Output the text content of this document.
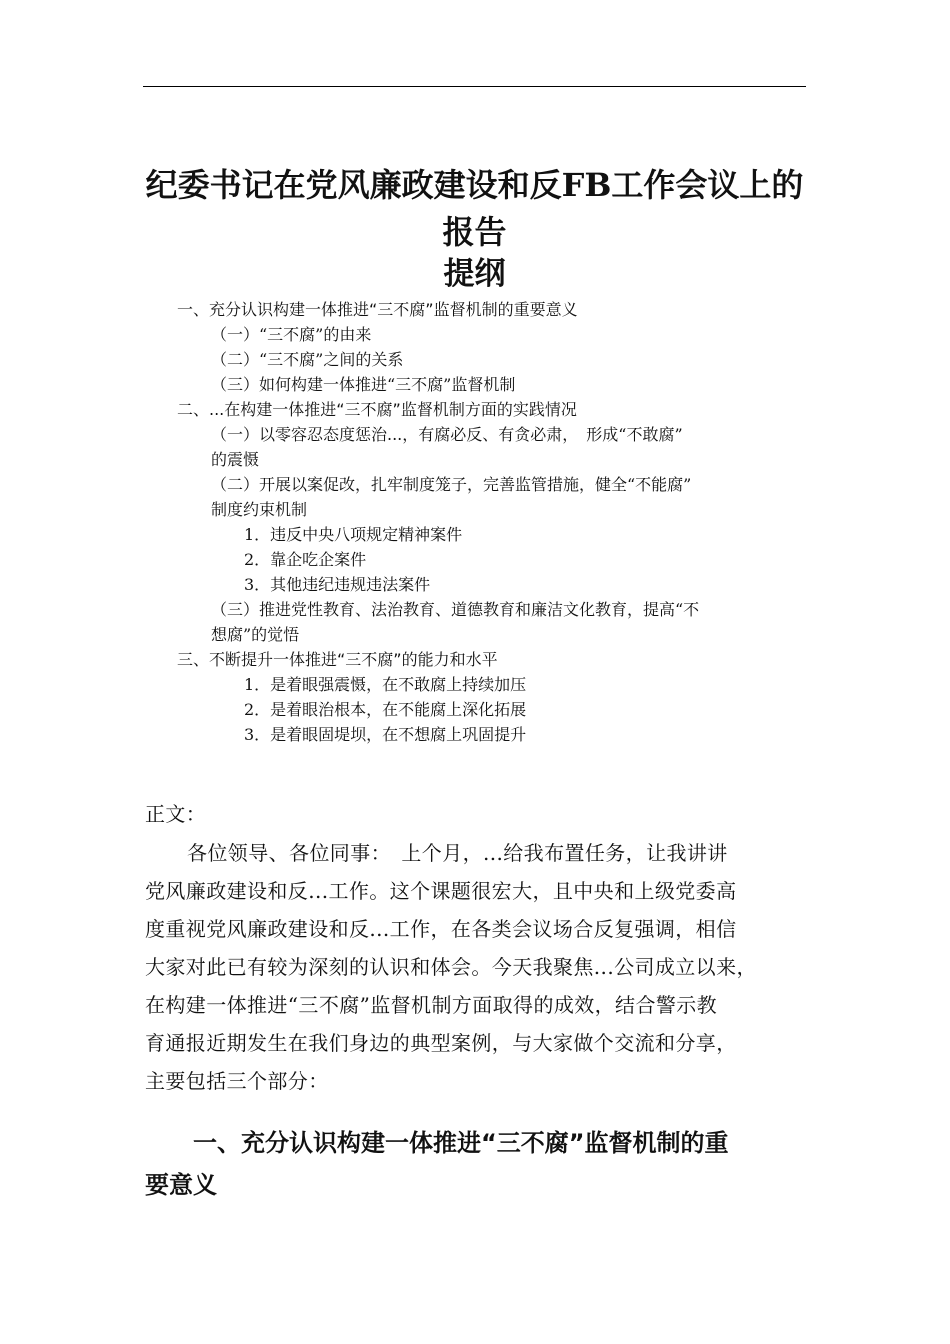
纪委书记在党风廉政建设和反FB工作会议上的
报告
提纲
一、充分认识构建一体推进“三不腐”监督机制的重要意义
（一）“三不腐”的由来
（二）“三不腐”之间的关系
（三）如何构建一体推进“三不腐”监督机制
二、...在构建一体推进“三不腐”监督机制方面的实践情况
（一）以零容忍态度惩治...，有腐必反、有贪必肃，　形成“不敢腐”
的震慑
（二）开展以案促改，扎牢制度笼子，完善监管措施，健全“不能腐”
制度约束机制
1．违反中央八项规定精神案件
2．靠企吃企案件
3．其他违纪违规违法案件
（三）推进党性教育、法治教育、道德教育和廉洁文化教育，提高“不
想腐”的觉悟
三、不断提升一体推进“三不腐”的能力和水平
1．是着眼强震慑，在不敢腐上持续加压
2．是着眼治根本，在不能腐上深化拓展
3．是着眼固堤坝，在不想腐上巩固提升
正文：
各位领导、各位同事：　上个月，...给我布置任务，让我讲讲
党风廉政建设和反...工作。这个课题很宏大，且中央和上级党委高
度重视党风廉政建设和反...工作，在各类会议场合反复强调，相信
大家对此已有较为深刻的认识和体会。今天我聚焦...公司成立以来，
在构建一体推进“三不腐”监督机制方面取得的成效，结合警示教
育通报近期发生在我们身边的典型案例，与大家做个交流和分享，
主要包括三个部分：
一、充分认识构建一体推进“三不腐”监督机制的重
要意义
